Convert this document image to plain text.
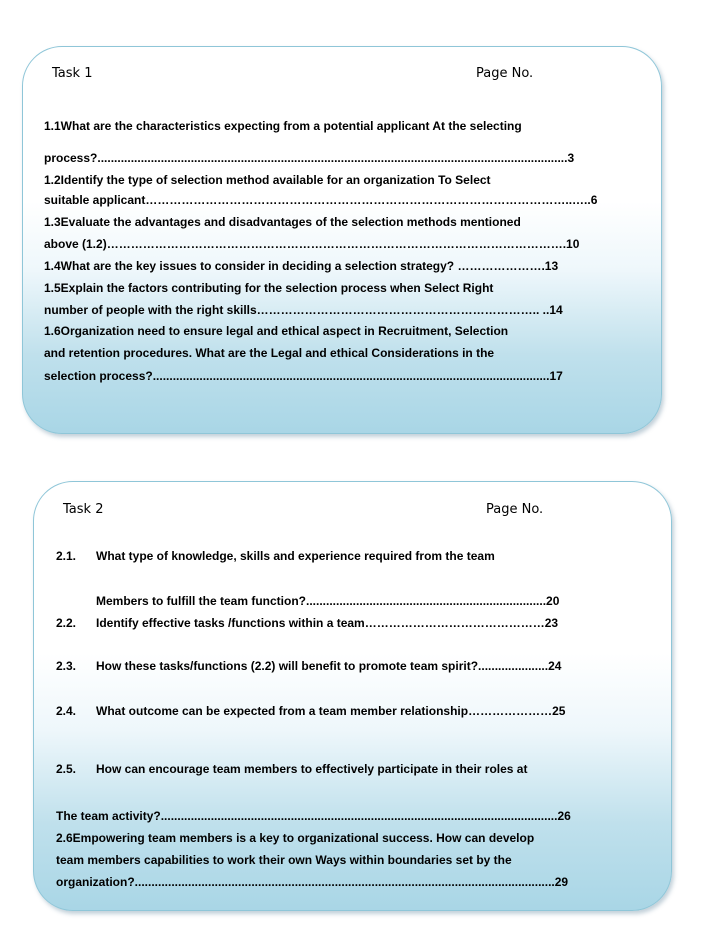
Task 1	Page No.
1.1What are the characteristics expecting from a potential applicant At the selecting
process?.............................................................................................................................................3
1.2Identify the type of selection method available for an organization To Select
suitable applicant……………………………………………………………………………………………..…..6
1.3Evaluate the advantages and disadvantages of the selection methods mentioned
above (1.2)…………………………………………………………………………………………………….10
1.4What are the key issues to consider in deciding a selection strategy? ………………….13
1.5Explain the factors contributing for the selection process when Select Right
number of people with the right skills…………………………………………………………….. ..14
1.6Organization need to ensure legal and ethical aspect in Recruitment, Selection
and retention procedures. What are the Legal and ethical Considerations in the
selection process?.......................................................................................................................17
Task 2	Page No.
2.1. What type of knowledge, skills and experience required from the team
Members to fulfill the team function?........................................................................20
2.2. Identify effective tasks /functions within a team………………………………………23
2.3. How these tasks/functions (2.2) will benefit to promote team spirit?.....................24
2.4. What outcome can be expected from a team member relationship…………………25
2.5. How can encourage team members to effectively participate in their roles at
The team activity?.......................................................................................................................26
2.6Empowering team members is a key to organizational success. How can develop
team members capabilities to work their own Ways within boundaries set by the
organization?..............................................................................................................................29
